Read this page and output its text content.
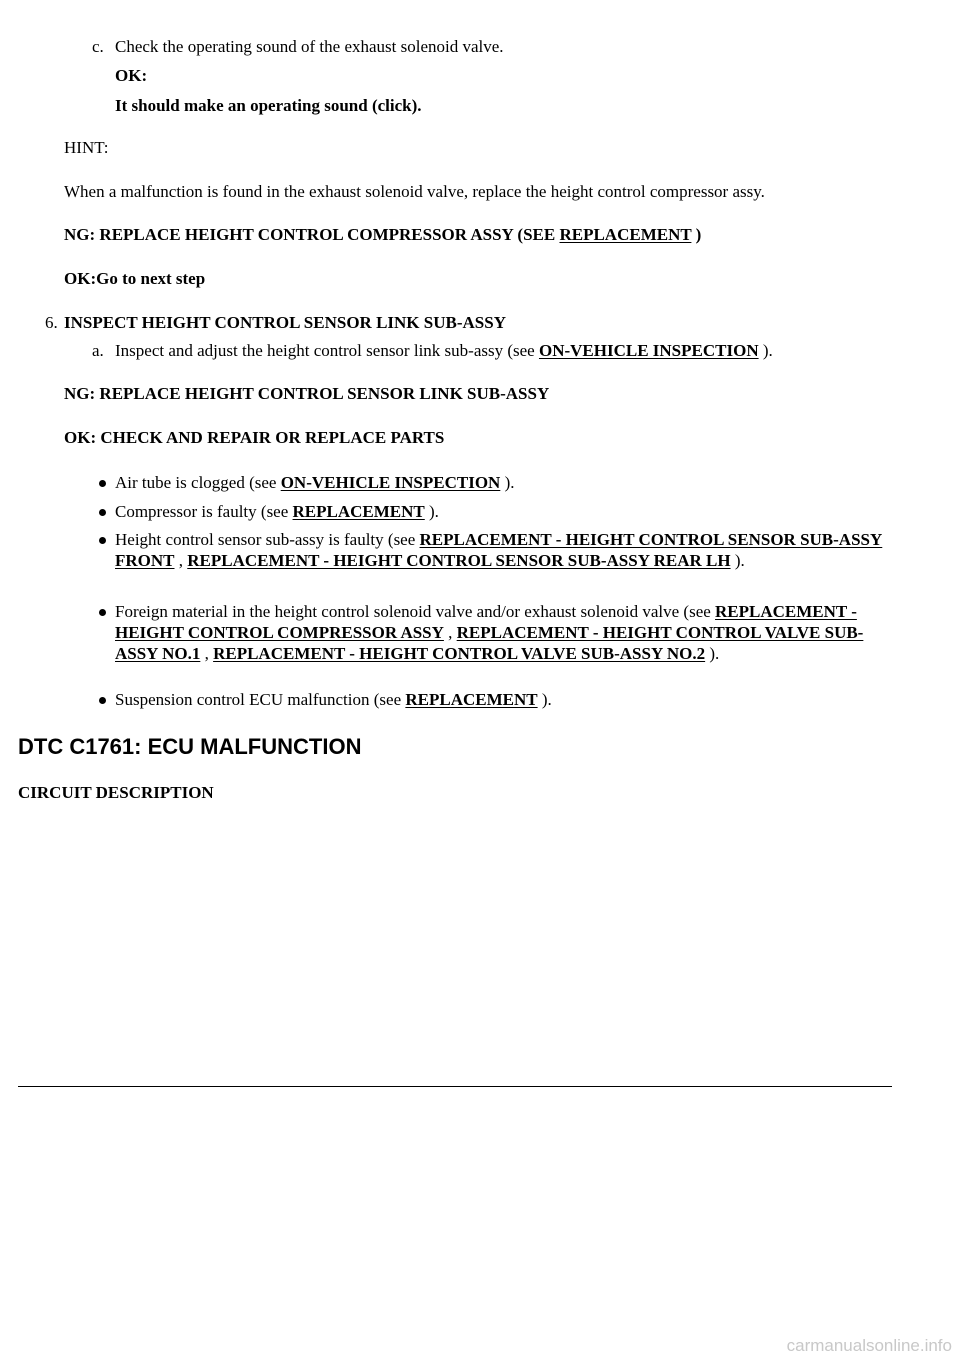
c. Check the operating sound of the exhaust solenoid valve.
OK:
It should make an operating sound (click).
HINT:
When a malfunction is found in the exhaust solenoid valve, replace the height control compressor assy.
NG: REPLACE HEIGHT CONTROL COMPRESSOR ASSY (SEE REPLACEMENT )
OK:Go to next step
6. INSPECT HEIGHT CONTROL SENSOR LINK SUB-ASSY
a. Inspect and adjust the height control sensor link sub-assy (see ON-VEHICLE INSPECTION ).
NG: REPLACE HEIGHT CONTROL SENSOR LINK SUB-ASSY
OK: CHECK AND REPAIR OR REPLACE PARTS
Air tube is clogged (see ON-VEHICLE INSPECTION ).
Compressor is faulty (see REPLACEMENT ).
Height control sensor sub-assy is faulty (see REPLACEMENT - HEIGHT CONTROL SENSOR SUB-ASSY FRONT , REPLACEMENT - HEIGHT CONTROL SENSOR SUB-ASSY REAR LH ).
Foreign material in the height control solenoid valve and/or exhaust solenoid valve (see REPLACEMENT - HEIGHT CONTROL COMPRESSOR ASSY , REPLACEMENT - HEIGHT CONTROL VALVE SUB-ASSY NO.1 , REPLACEMENT - HEIGHT CONTROL VALVE SUB-ASSY NO.2 ).
Suspension control ECU malfunction (see REPLACEMENT ).
DTC C1761: ECU MALFUNCTION
CIRCUIT DESCRIPTION
carmanualsonline.info
